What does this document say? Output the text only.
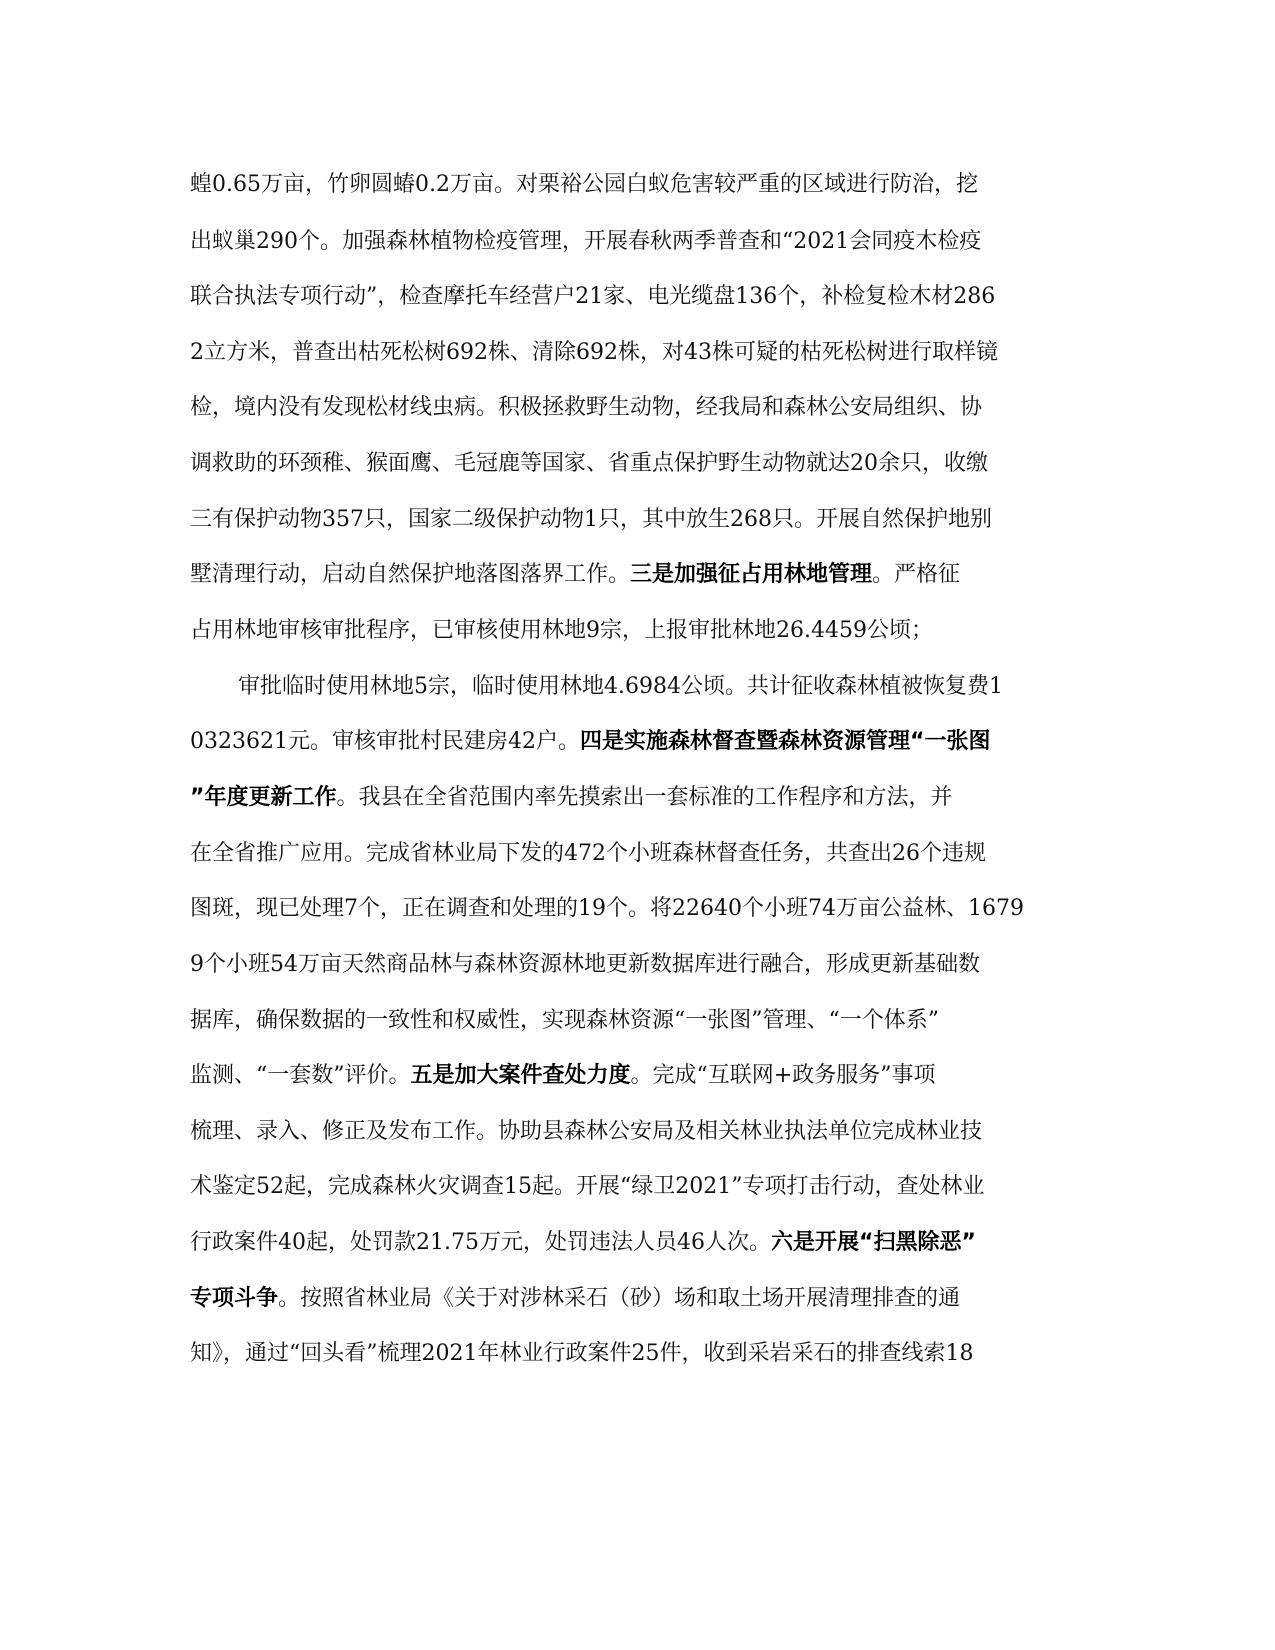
蝗0.65万亩，竹卵圆蝽0.2万亩。对栗裕公园白蚁危害较严重的区域进行防治，挖
出蚁巢290个。加强森林植物检疫管理，开展春秋两季普查和“2021会同疫木检疫
联合执法专项行动”，检查摩托车经营户21家、电光缆盘136个，补检复检木材286
2立方米，普查出枯死松树692株、清除692株，对43株可疑的枯死松树进行取样镜
检，境内没有发现松材线虫病。积极拯救野生动物，经我局和森林公安局组织、协
调救助的环颈稚、猴面鹰、毛冠鹿等国家、省重点保护野生动物就达20余只，收缴
三有保护动物357只，国家二级保护动物1只，其中放生268只。开展自然保护地别
墅清理行动，启动自然保护地落图落界工作。三是加强征占用林地管理。严格征
占用林地审核审批程序，已审核使用林地9宗，上报审批林地26.4459公顷；
审批临时使用林地5宗，临时使用林地4.6984公顷。共计征收森林植被恢复费1
0323621元。审核审批村民建房42户。四是实施森林督查暨森林资源管理“一张图
”年度更新工作。我县在全省范围内率先摸索出一套标准的工作程序和方法，并
在全省推广应用。完成省林业局下发的472个小班森林督查任务，共查出26个违规
图斑，现已处理7个，正在调查和处理的19个。将22640个小班74万亩公益林、1679
9个小班54万亩天然商品林与森林资源林地更新数据库进行融合，形成更新基础数
据库，确保数据的一致性和权威性，实现森林资源“一张图”管理、“一个体系”
监测、“一套数”评价。五是加大案件查处力度。完成“互联网+政务服务”事项
梳理、录入、修正及发布工作。协助县森林公安局及相关林业执法单位完成林业技
术鉴定52起，完成森林火灾调查15起。开展“绿卫2021”专项打击行动，查处林业
行政案件40起，处罚款21.75万元，处罚违法人员46人次。六是开展“扫黑除恶”
专项斗争。按照省林业局《关于对涉林采石（砂）场和取土场开展清理排查的通
知》，通过“回头看”梳理2021年林业行政案件25件，收到采岩采石的排查线索18
